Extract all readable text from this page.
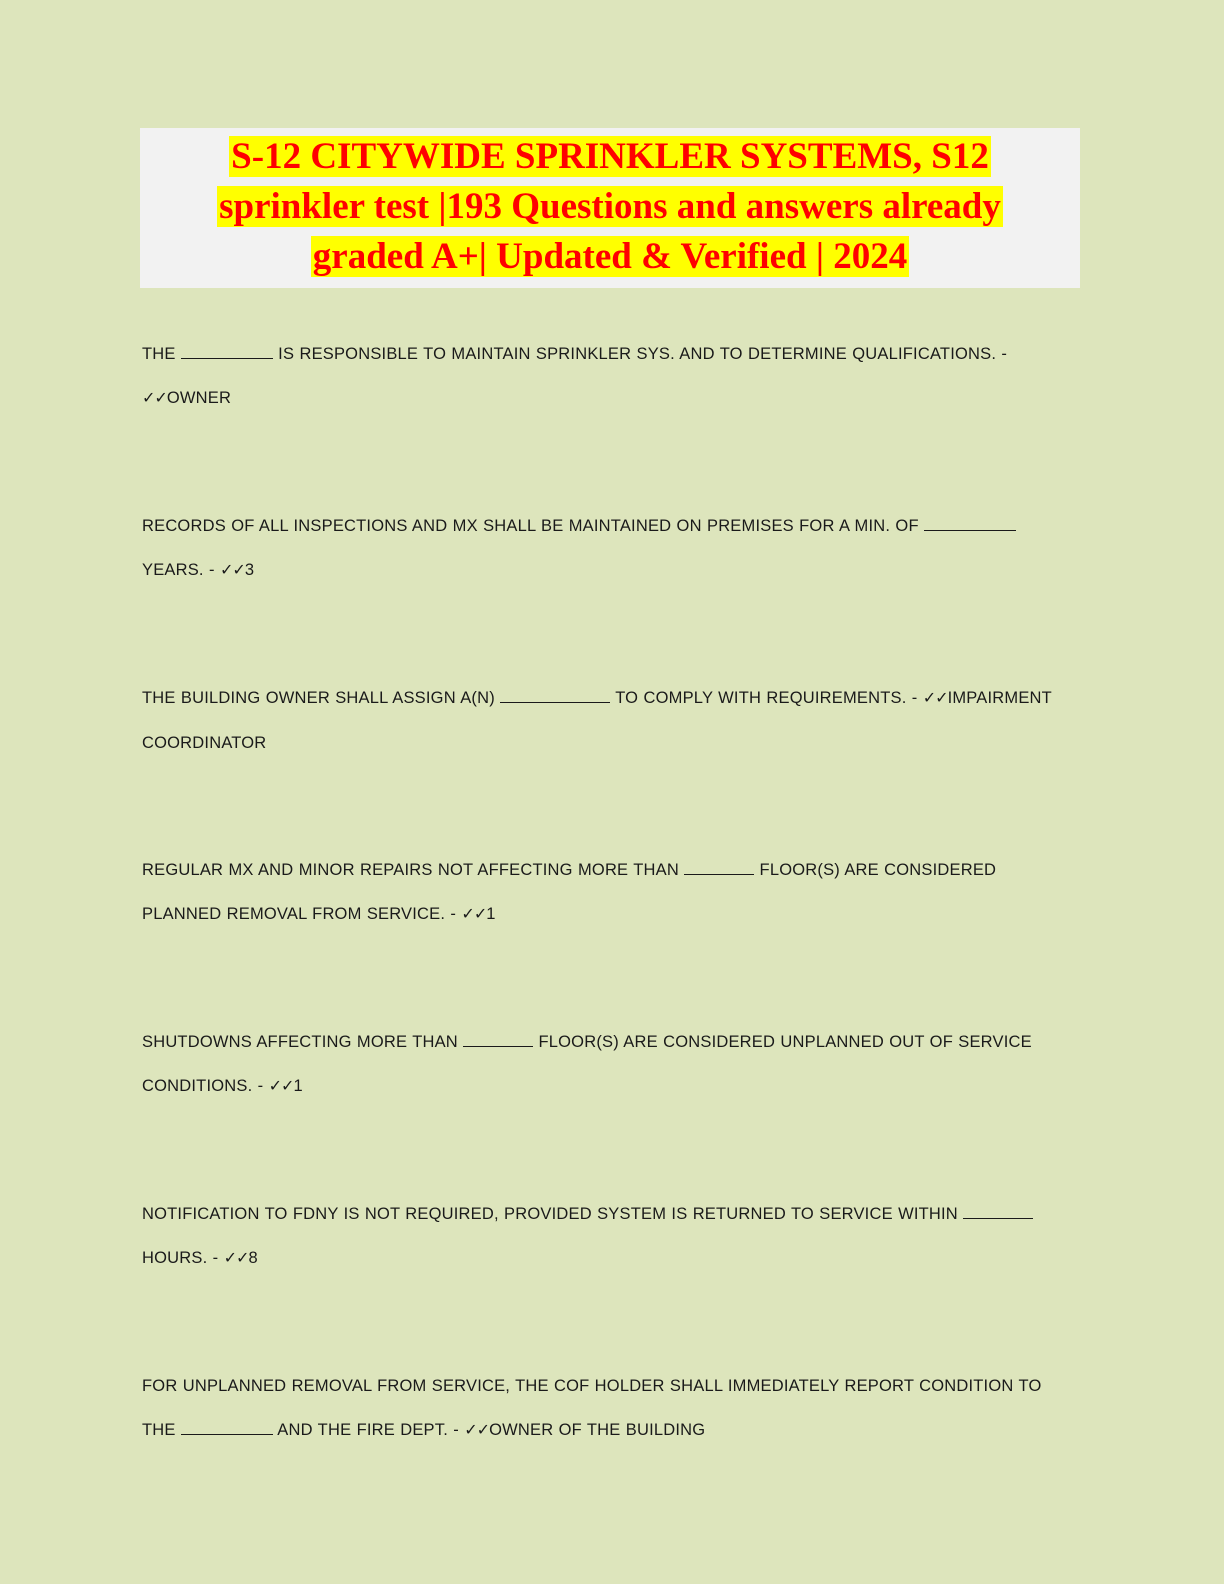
S-12 CITYWIDE SPRINKLER SYSTEMS, S12
sprinkler test |193 Questions and answers already
graded A+| Updated & Verified | 2024
THE	IS RESPONSIBLE TO MAINTAIN SPRINKLER SYS. AND TO DETERMINE QUALIFICATIONS. - ✓✓OWNER
RECORDS OF ALL INSPECTIONS AND MX SHALL BE MAINTAINED ON PREMISES FOR A MIN. OF  YEARS. - ✓✓3
THE BUILDING OWNER SHALL ASSIGN A(N)	TO COMPLY WITH REQUIREMENTS. - ✓✓IMPAIRMENT COORDINATOR
REGULAR MX AND MINOR REPAIRS NOT AFFECTING MORE THAN	FLOOR(S) ARE CONSIDERED PLANNED REMOVAL FROM SERVICE. - ✓✓1
SHUTDOWNS AFFECTING MORE THAN	FLOOR(S) ARE CONSIDERED UNPLANNED OUT OF SERVICE CONDITIONS. - ✓✓1
NOTIFICATION TO FDNY IS NOT REQUIRED, PROVIDED SYSTEM IS RETURNED TO SERVICE WITHIN  HOURS. - ✓✓8
FOR UNPLANNED REMOVAL FROM SERVICE, THE COF HOLDER SHALL IMMEDIATELY REPORT CONDITION TO THE	AND THE FIRE DEPT. - ✓✓OWNER OF THE BUILDING
